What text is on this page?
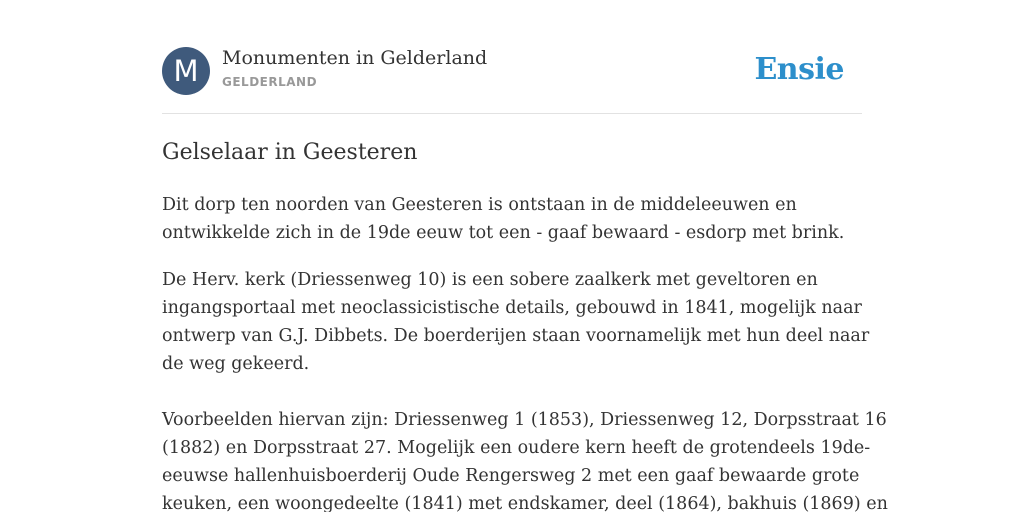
M	Monumenten in Gelderland
GELDERLAND	Ensie
Gelselaar in Geesteren

Dit dorp ten noorden van Geesteren is ontstaan in de middeleeuwen en
ontwikkelde zich in de 19de eeuw tot een - gaaf bewaard - esdorp met brink.

De Herv. kerk (Driessenweg 10) is een sobere zaalkerk met geveltoren en
ingangsportaal met neoclassicistische details, gebouwd in 1841, mogelijk naar
ontwerp van G.J. Dibbets. De boerderijen staan voornamelijk met hun deel naar
de weg gekeerd.

Voorbeelden hiervan zijn: Driessenweg 1 (1853), Driessenweg 12, Dorpsstraat 16
(1882) en Dorpsstraat 27. Mogelijk een oudere kern heeft de grotendeels 19de-
eeuwse hallenhuisboerderij Oude Rengersweg 2 met een gaaf bewaarde grote
keuken, een woongedeelte (1841) met endskamer, deel (1864), bakhuis (1869) en
